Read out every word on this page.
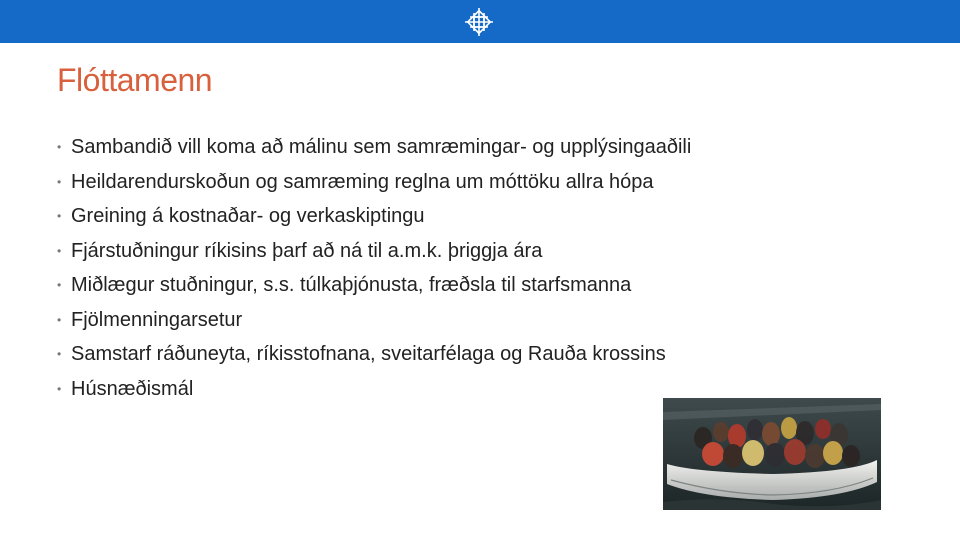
Flóttamenn
• Sambandið vill koma að málinu sem samræmingar- og upplýsingaaðili
• Heildarendurskoðun og samræming reglna um móttöku allra hópa
• Greining á kostnaðar- og verkaskiptingu
• Fjárstuðningur ríkisins þarf að ná til a.m.k. þriggja ára
• Miðlægur stuðningur, s.s. túlkaþjónusta, fræðsla til starfsmanna
• Fjölmenningarsetur
• Samstarf ráðuneyta, ríkisstofnana, sveitarfélaga og Rauða krossins
• Húsnæðismál
